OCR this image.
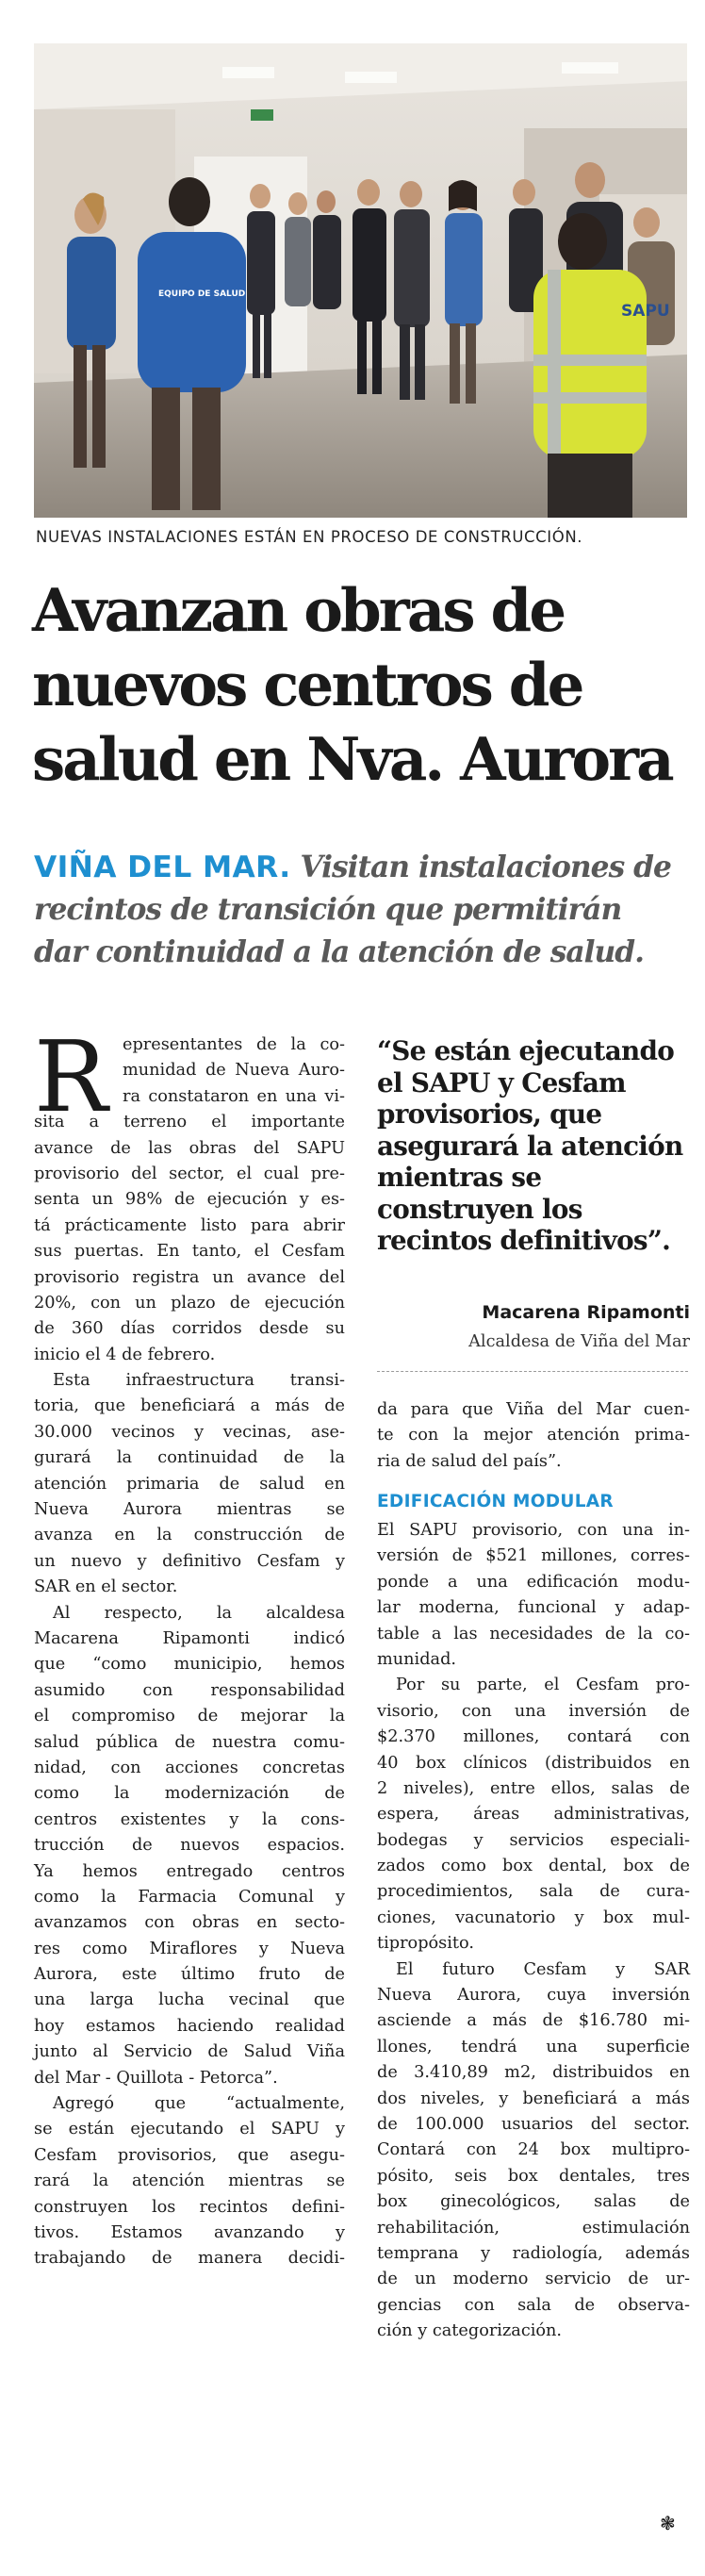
SAPU
EQUIPO DE SALUD
NUEVAS INSTALACIONES ESTÁN EN PROCESO DE CONSTRUCCIÓN.
Avanzan obras de
nuevos centros de
salud en Nva. Aurora
VIÑA DEL MAR. Visitan instalaciones de
recintos de transición que permitirán
dar continuidad a la atención de salud.
R epresentantes de la co-
munidad de Nueva Auro-
ra constataron en una vi-
sita a terreno el importante
avance de las obras del SAPU
provisorio del sector, el cual pre-
senta un 98% de ejecución y es-
tá prácticamente listo para abrir
sus puertas. En tanto, el Cesfam
provisorio registra un avance del
20%, con un plazo de ejecución
de 360 días corridos desde su
inicio el 4 de febrero.
Esta infraestructura transi-
toria, que beneficiará a más de
30.000 vecinos y vecinas, ase-
gurará la continuidad de la
atención primaria de salud en
Nueva Aurora mientras se
avanza en la construcción de
un nuevo y definitivo Cesfam y
SAR en el sector.
Al respecto, la alcaldesa
Macarena Ripamonti indicó
que “como municipio, hemos
asumido con responsabilidad
el compromiso de mejorar la
salud pública de nuestra comu-
nidad, con acciones concretas
como la modernización de
centros existentes y la cons-
trucción de nuevos espacios.
Ya hemos entregado centros
como la Farmacia Comunal y
avanzamos con obras en secto-
res como Miraflores y Nueva
Aurora, este último fruto de
una larga lucha vecinal que
hoy estamos haciendo realidad
junto al Servicio de Salud Viña
del Mar - Quillota - Petorca”.
Agregó que “actualmente,
se están ejecutando el SAPU y
Cesfam provisorios, que asegu-
rará la atención mientras se
construyen los recintos defini-
tivos. Estamos avanzando y
trabajando de manera decidi-
“Se están ejecutando
el SAPU y Cesfam
provisorios, que
asegurará la atención
mientras se
construyen los
recintos definitivos”.
Macarena Ripamonti
Alcaldesa de Viña del Mar
da para que Viña del Mar cuen-
te con la mejor atención prima-
ria de salud del país”.
EDIFICACIÓN MODULAR
El SAPU provisorio, con una in-
versión de $521 millones, corres-
ponde a una edificación modu-
lar moderna, funcional y adap-
table a las necesidades de la co-
munidad.
Por su parte, el Cesfam pro-
visorio, con una inversión de
$2.370 millones, contará con
40 box clínicos (distribuidos en
2 niveles), entre ellos, salas de
espera, áreas administrativas,
bodegas y servicios especiali-
zados como box dental, box de
procedimientos, sala de cura-
ciones, vacunatorio y box mul-
tipropósito.
El futuro Cesfam y SAR
Nueva Aurora, cuya inversión
asciende a más de $16.780 mi-
llones, tendrá una superficie
de 3.410,89 m2, distribuidos en
dos niveles, y beneficiará a más
de 100.000 usuarios del sector.
Contará con 24 box multipro-
pósito, seis box dentales, tres
box ginecológicos, salas de
rehabilitación, estimulación
temprana y radiología, además
de un moderno servicio de ur-
gencias con sala de observa-
ción y categorización.
❃
